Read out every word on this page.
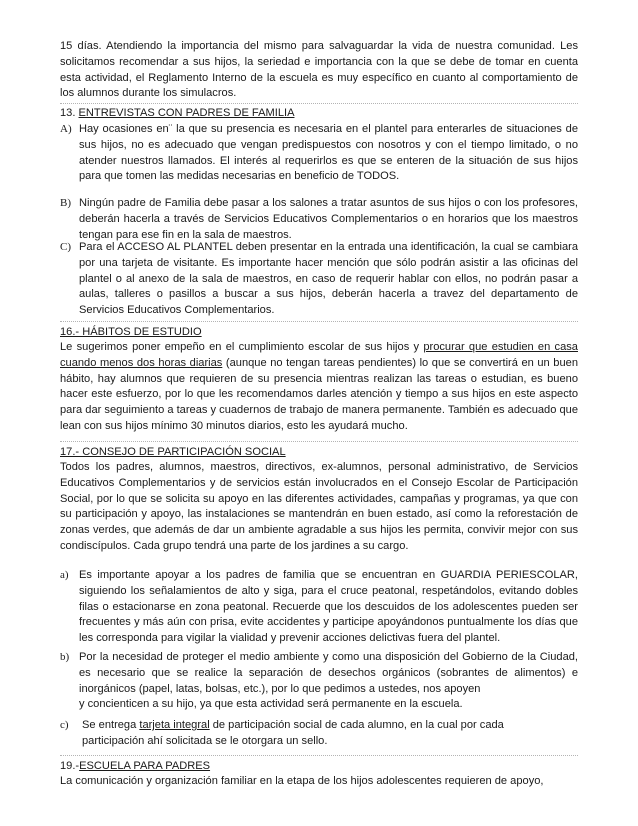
15 días. Atendiendo la importancia del mismo para salvaguardar la vida de nuestra comunidad. Les solicitamos recomendar a sus hijos, la seriedad e importancia con la que se debe de tomar en cuenta esta actividad, el Reglamento Interno de la escuela es muy específico en cuanto al comportamiento de los alumnos durante los simulacros.
13. ENTREVISTAS CON PADRES DE FAMILIA
A) Hay ocasiones en¨ la que su presencia es necesaria en el plantel para enterarles de situaciones de sus hijos, no es adecuado que vengan predispuestos con nosotros y con el tiempo limitado, o no atender nuestros llamados. El interés al requerirlos es que se enteren de la situación de sus hijos para que tomen las medidas necesarias en beneficio de TODOS.
B) Ningún padre de Familia debe pasar a los salones a tratar asuntos de sus hijos o con los profesores, deberán hacerla a través de Servicios Educativos Complementarios o en horarios que los maestros tengan para ese fin en la sala de maestros.
C) Para el ACCESO AL PLANTEL deben presentar en la entrada una identificación, la cual se cambiara por una tarjeta de visitante. Es importante hacer mención que sólo podrán asistir a las oficinas del plantel o al anexo de la sala de maestros, en caso de requerir hablar con ellos, no podrán pasar a aulas, talleres o pasillos a buscar a sus hijos, deberán hacerla a travez del departamento de Servicios Educativos Complementarios.
16.- HÁBITOS DE ESTUDIO
Le sugerimos poner empeño en el cumplimiento escolar de sus hijos y procurar que estudien en casa cuando menos dos horas diarias (aunque no tengan tareas pendientes) lo que se convertirá en un buen hábito, hay alumnos que requieren de su presencia mientras realizan las tareas o estudian, es bueno hacer este esfuerzo, por lo que les recomendamos darles atención y tiempo a sus hijos en este aspecto para dar seguimiento a tareas y cuadernos de trabajo de manera permanente. También es adecuado que lean con sus hijos mínimo 30 minutos diarios, esto les ayudará mucho.
17.- CONSEJO DE PARTICIPACIÓN SOCIAL
Todos los padres, alumnos, maestros, directivos, ex-alumnos, personal administrativo, de Servicios Educativos Complementarios y de servicios están involucrados en el Consejo Escolar de Participación Social, por lo que se solicita su apoyo en las diferentes actividades, campañas y programas, ya que con su participación y apoyo, las instalaciones se mantendrán en buen estado, así como la reforestación de zonas verdes, que además de dar un ambiente agradable a sus hijos les permita, convivir mejor con sus condiscípulos. Cada grupo tendrá una parte de los jardines a su cargo.
a) Es importante apoyar a los padres de familia que se encuentran en GUARDIA PERIESCOLAR, siguiendo los señalamientos de alto y siga, para el cruce peatonal, respetándolos, evitando dobles filas o estacionarse en zona peatonal. Recuerde que los descuidos de los adolescentes pueden ser frecuentes y más aún con prisa, evite accidentes y participe apoyándonos puntualmente los días que les corresponda para vigilar la vialidad y prevenir acciones delictivas fuera del plantel.
b) Por la necesidad de proteger el medio ambiente y como una disposición del Gobierno de la Ciudad, es necesario que se realice la separación de desechos orgánicos (sobrantes de alimentos) e inorgánicos (papel, latas, bolsas, etc.), por lo que pedimos a ustedes, nos apoyen
y concienticen a su hijo, ya que esta actividad será permanente en la escuela.
c) Se entrega tarjeta integral de participación social de cada alumno, en la cual por cada
participación ahí solicitada se le otorgara un sello.
19.-ESCUELA PARA PADRES
La comunicación y organización familiar en la etapa de los hijos adolescentes requieren de apoyo,
